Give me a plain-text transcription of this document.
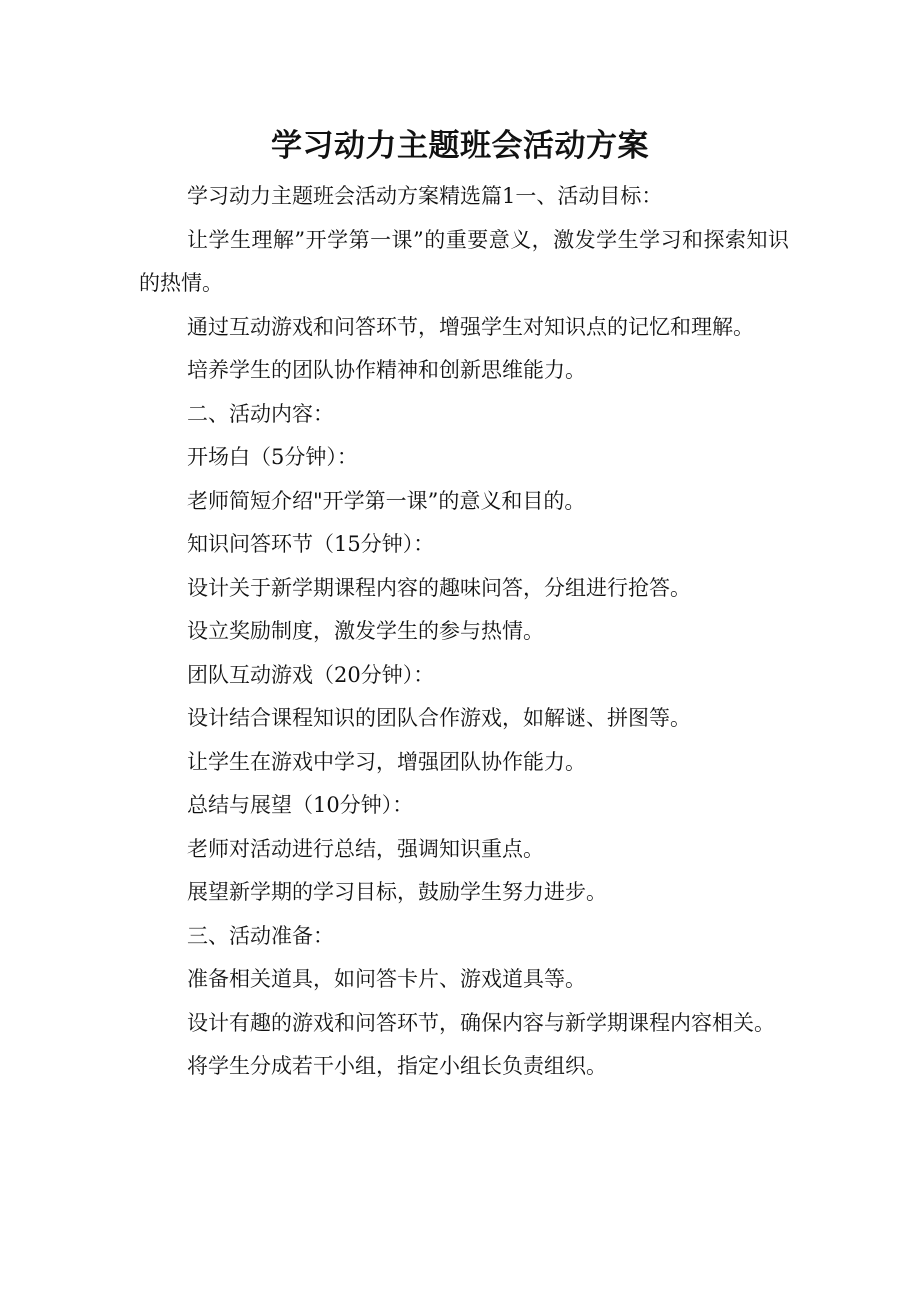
学习动力主题班会活动方案

学习动力主题班会活动方案精选篇1一、活动目标：

让学生理解”开学第一课”的重要意义，激发学生学习和探索知识的热情。

通过互动游戏和问答环节，增强学生对知识点的记忆和理解。

培养学生的团队协作精神和创新思维能力。

二、活动内容：

开场白（5分钟）：

老师简短介绍"开学第一课”的意义和目的。

知识问答环节（15分钟）：

设计关于新学期课程内容的趣味问答，分组进行抢答。

设立奖励制度，激发学生的参与热情。

团队互动游戏（20分钟）：

设计结合课程知识的团队合作游戏，如解谜、拼图等。

让学生在游戏中学习，增强团队协作能力。

总结与展望（10分钟）：

老师对活动进行总结，强调知识重点。

展望新学期的学习目标，鼓励学生努力进步。

三、活动准备：

准备相关道具，如问答卡片、游戏道具等。

设计有趣的游戏和问答环节，确保内容与新学期课程内容相关。

将学生分成若干小组，指定小组长负责组织。
